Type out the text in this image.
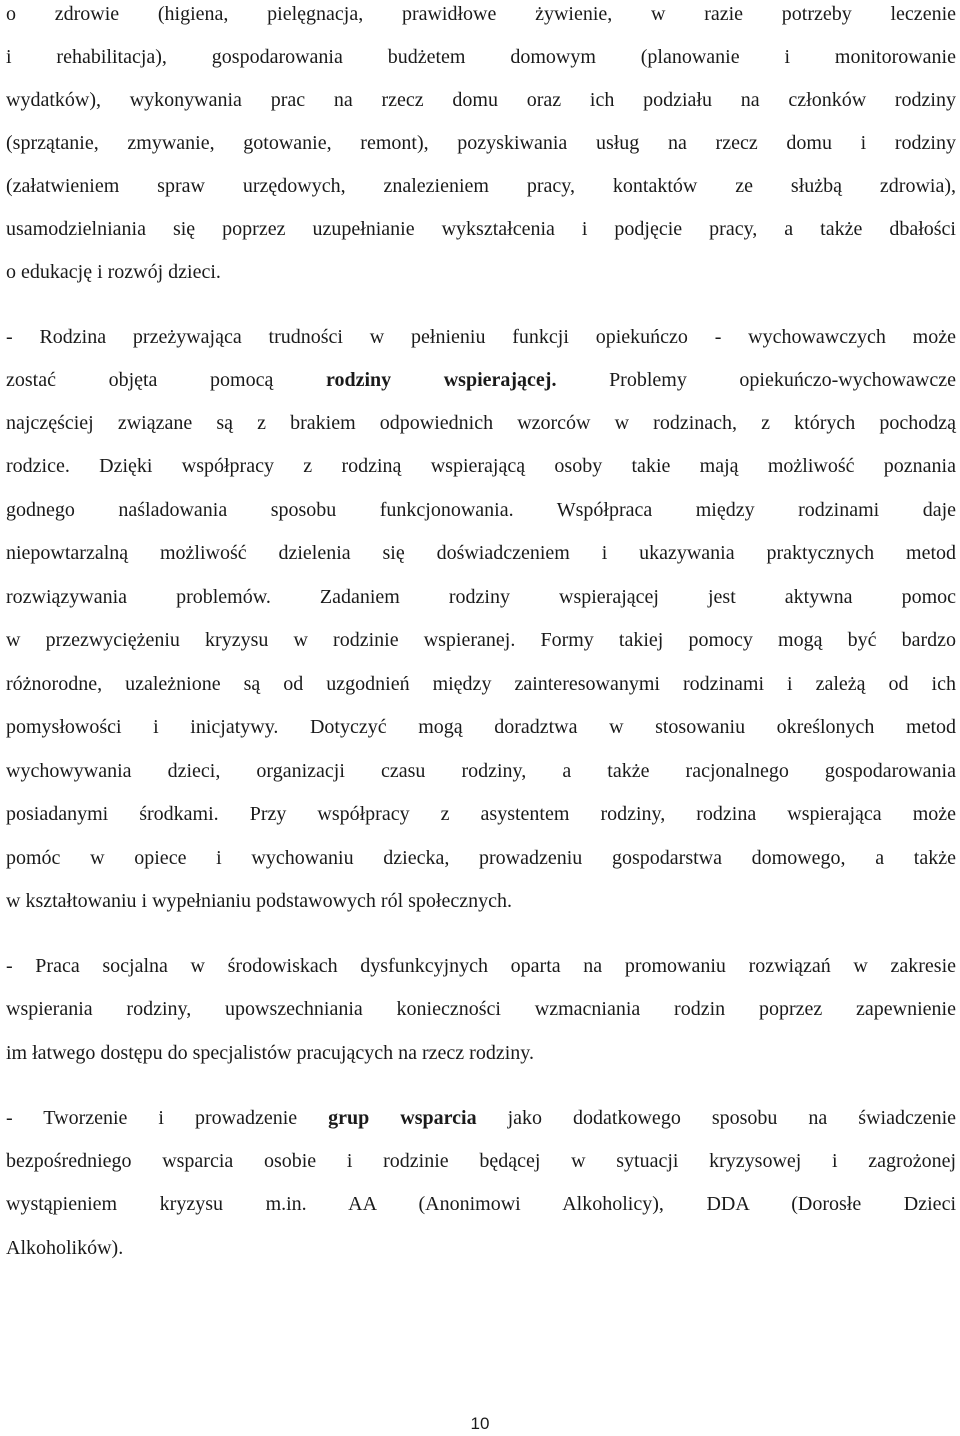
o zdrowie (higiena, pielęgnacja, prawidłowe żywienie, w razie potrzeby leczenie
i rehabilitacja), gospodarowania budżetem domowym (planowanie i monitorowanie
wydatków), wykonywania prac na rzecz domu oraz ich podziału na członków rodziny
(sprzątanie, zmywanie, gotowanie, remont), pozyskiwania usług na rzecz domu i rodziny
(załatwieniem spraw urzędowych, znalezieniem pracy, kontaktów ze służbą zdrowia),
usamodzielniania się poprzez uzupełnianie wykształcenia i podjęcie pracy, a także dbałości
o edukację i rozwój dzieci.
- Rodzina przeżywająca trudności w pełnieniu funkcji opiekuńczo - wychowawczych może
zostać objęta pomocą rodziny wspierającej. Problemy opiekuńczo-wychowawcze
najczęściej związane są z brakiem odpowiednich wzorców w rodzinach, z których pochodzą
rodzice. Dzięki współpracy z rodziną wspierającą osoby takie mają możliwość poznania
godnego naśladowania sposobu funkcjonowania. Współpraca między rodzinami daje
niepowtarzalną możliwość dzielenia się doświadczeniem i ukazywania praktycznych metod
rozwiązywania problemów. Zadaniem rodziny wspierającej jest aktywna pomoc
w przezwyciężeniu kryzysu w rodzinie wspieranej. Formy takiej pomocy mogą być bardzo
różnorodne, uzależnione są od uzgodnień między zainteresowanymi rodzinami i zależą od ich
pomysłowości i inicjatywy. Dotyczyć mogą doradztwa w stosowaniu określonych metod
wychowywania dzieci, organizacji czasu rodziny, a także racjonalnego gospodarowania
posiadanymi środkami. Przy współpracy z asystentem rodziny, rodzina wspierająca może
pomóc w opiece i wychowaniu dziecka, prowadzeniu gospodarstwa domowego, a także
w kształtowaniu i wypełnianiu podstawowych ról społecznych.
- Praca socjalna w środowiskach dysfunkcyjnych oparta na promowaniu rozwiązań w zakresie
wspierania rodziny, upowszechniania konieczności wzmacniania rodzin poprzez zapewnienie
im łatwego dostępu do specjalistów pracujących na rzecz rodziny.
- Tworzenie i prowadzenie grup wsparcia jako dodatkowego sposobu na świadczenie
bezpośredniego wsparcia osobie i rodzinie będącej w sytuacji kryzysowej i zagrożonej
wystąpieniem kryzysu m.in. AA (Anonimowi Alkoholicy), DDA (Dorosłe Dzieci
Alkoholików).
10
